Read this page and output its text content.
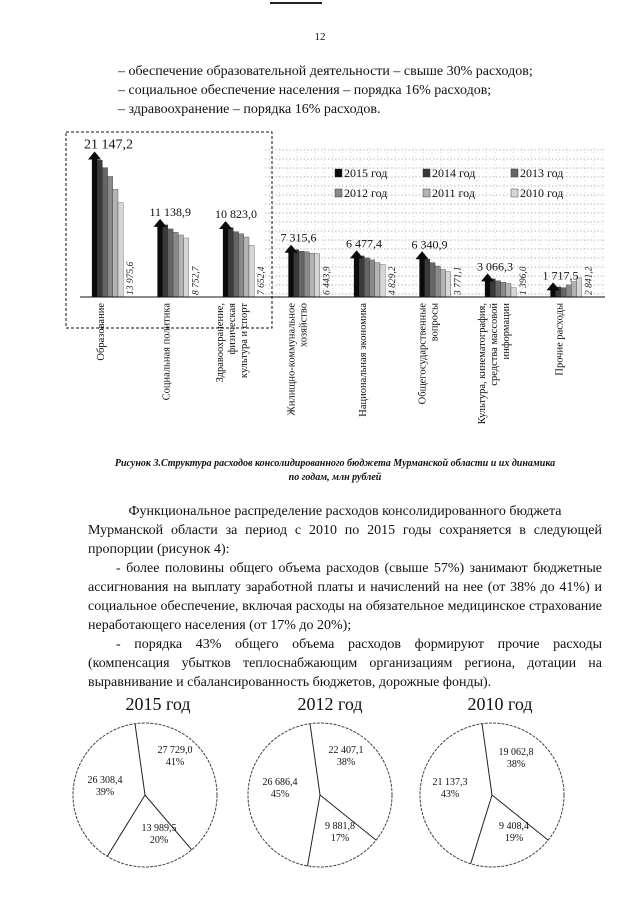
12
– обеспечение образовательной деятельности – свыше 30% расходов;
– социальное обеспечение населения – порядка 16% расходов;
– здравоохранение – порядка 16% расходов.
21 147,2
13 975,6
Образование
11 138,9
8 752,7
Социальная политика
10 823,0
7 652,4
Здравоохранение, физическая культура и спорт
7 315,6
6 443,9
Жилищно-коммунальное хозяйство
6 477,4
4 829,2
Национальная экономика
6 340,9
3 771,1
Общегосударственные вопросы
3 066,3
1 396,0
Культура, кинематография, средства массовой информации
1 717,5 2 841,2
Прочие расходы
2015 год	2014 год	2013 год
2012 год	2011 год	2010 год
Рисунок 3.Структура расходов консолидированного бюджета Мурманской области и их динамика
по годам, млн рублей
Функциональное распределение расходов консолидированного бюджета
Мурманской области за период с 2010 по 2015 годы сохраняется в следующей пропорции (рисунок 4):
- более половины общего объема расходов (свыше 57%) занимают бюджетные ассигнования на выплату заработной платы и начислений на нее (от 38% до 41%) и социальное обеспечение, включая расходы на обязательное медицинское страхование неработающего населения (от 17% до 20%);
- порядка 43% общего объема расходов формируют прочие расходы (компенсация убытков теплоснабжающим организациям региона, дотации на выравнивание и сбалансированность бюджетов, дорожные фонды).
2015 год
27 729,0
41%
13 989,5
20%
26 308,4
39%
2012 год
22 407,1
38%
9 881,8
17%
26 686,4
45%
2010 год
19 062,8
38%
9 408,4
19%
21 137,3
43%
